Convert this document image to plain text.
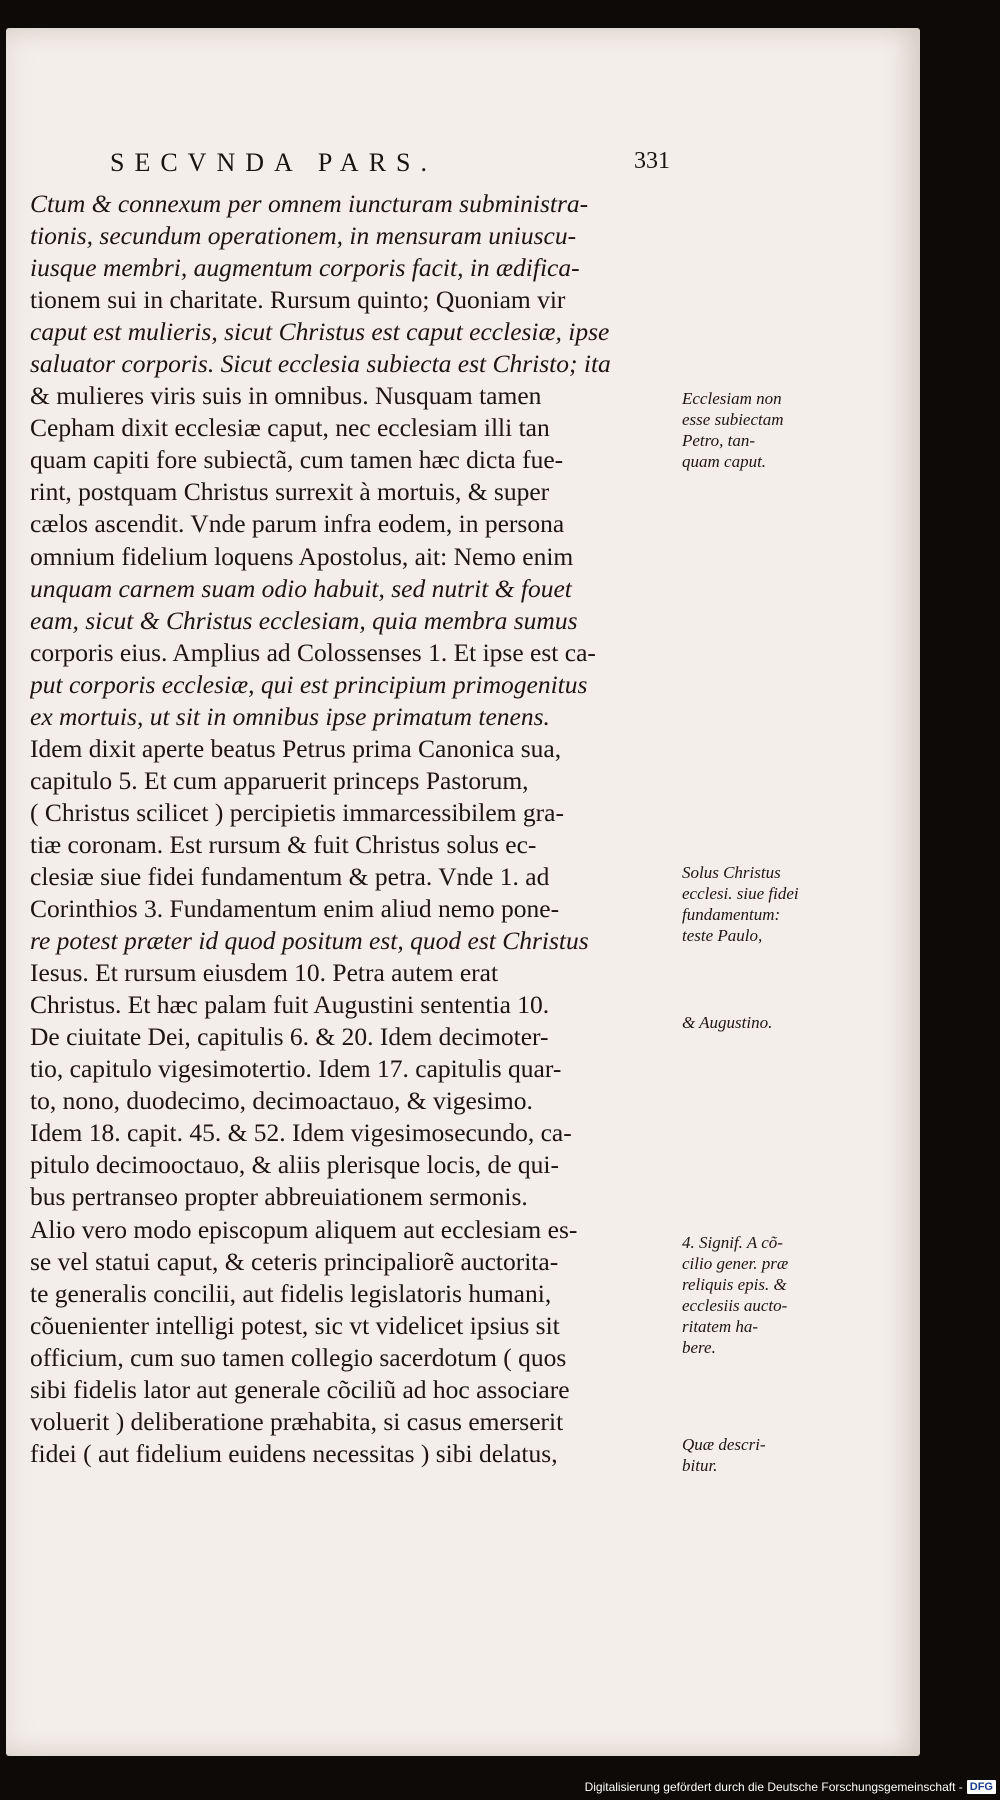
SECVNDA PARS.	331
Ctum & connexum per omnem iuncturam subministra-
tionis, secundum operationem, in mensuram uniuscu-
iusque membri, augmentum corporis facit, in ædifica-
tionem sui in charitate. Rursum quinto; Quoniam vir
caput est mulieris, sicut Christus est caput ecclesiæ, ipse
saluator corporis. Sicut ecclesia subiecta est Christo; ita
& mulieres viris suis in omnibus. Nusquam tamen
Cepham dixit ecclesiæ caput, nec ecclesiam illi tan
quam capiti fore subiectã, cum tamen hæc dicta fue-
rint, postquam Christus surrexit à mortuis, & super
cælos ascendit. Vnde parum infra eodem, in persona
omnium fidelium loquens Apostolus, ait: Nemo enim
unquam carnem suam odio habuit, sed nutrit & fouet
eam, sicut & Christus ecclesiam, quia membra sumus
corporis eius. Amplius ad Colossenses 1. Et ipse est ca-
put corporis ecclesiæ, qui est principium primogenitus
ex mortuis, ut sit in omnibus ipse primatum tenens.
Idem dixit aperte beatus Petrus prima Canonica sua,
capitulo 5. Et cum apparuerit princeps Pastorum,
( Christus scilicet ) percipietis immarcessibilem gra-
tiæ coronam. Est rursum & fuit Christus solus ec-
clesiæ siue fidei fundamentum & petra. Vnde 1. ad
Corinthios 3. Fundamentum enim aliud nemo pone-
re potest præter id quod positum est, quod est Christus
Iesus. Et rursum eiusdem 10. Petra autem erat
Christus. Et hæc palam fuit Augustini sententia 10.
De ciuitate Dei, capitulis 6. & 20. Idem decimoter-
tio, capitulo vigesimotertio. Idem 17. capitulis quar-
to, nono, duodecimo, decimoactauo, & vigesimo.
Idem 18. capit. 45. & 52. Idem vigesimosecundo, ca-
pitulo decimooctauo, & aliis plerisque locis, de qui-
bus pertranseo propter abbreuiationem sermonis.
Alio vero modo episcopum aliquem aut ecclesiam es-
se vel statui caput, & ceteris principaliorẽ auctorita-
te generalis concilii, aut fidelis legislatoris humani,
cõuenienter intelligi potest, sic vt videlicet ipsius sit
officium, cum suo tamen collegio sacerdotum ( quos
sibi fidelis lator aut generale cõciliũ ad hoc associare
voluerit ) deliberatione præhabita, si casus emerserit
fidei ( aut fidelium euidens necessitas ) sibi delatus,
Ecclesiam non
esse subiectam
Petro, tan-
quam caput.
Solus Christus
ecclesi. siue fidei
fundamentum:
teste Paulo,
& Augustino.
4. Signif. A cõ-
cilio gener. præ
reliquis epis. &
ecclesiis aucto-
ritatem ha-
bere.
Quæ descri-
bitur.
Digitalisierung gefördert durch die Deutsche Forschungsgemeinschaft - DFG
